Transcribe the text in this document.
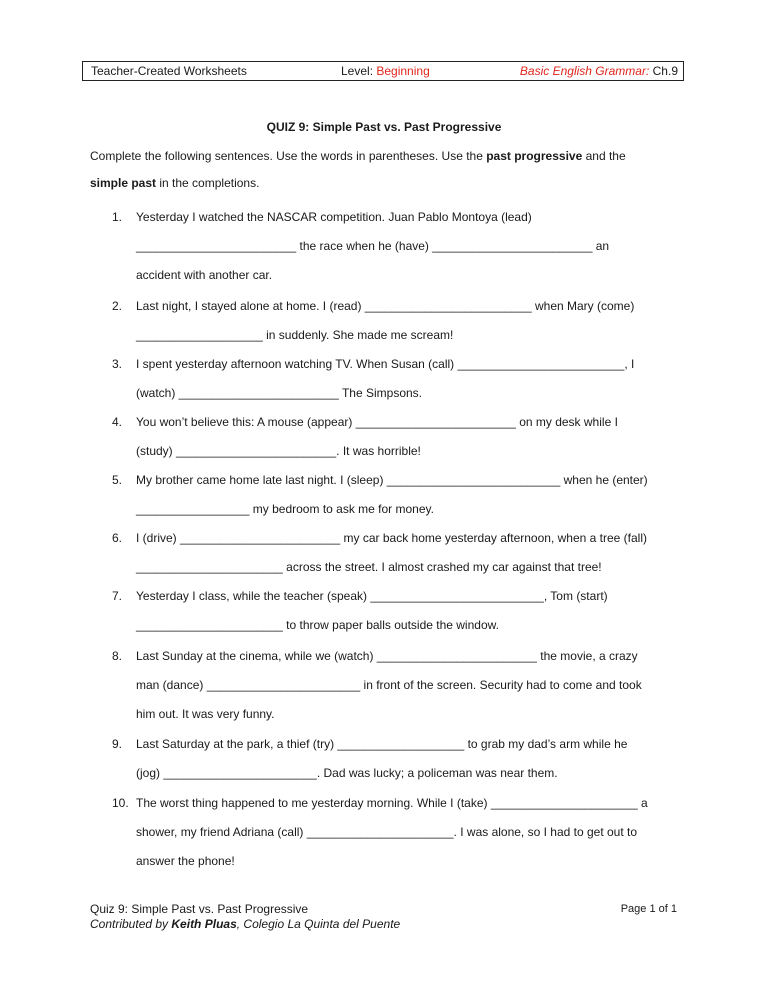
Teacher-Created Worksheets	Level: Beginning	Basic English Grammar: Ch.9
QUIZ 9: Simple Past vs. Past Progressive
Complete the following sentences. Use the words in parentheses. Use the past progressive and the
simple past in the completions.
1.	Yesterday I watched the NASCAR competition. Juan Pablo Montoya (lead)
________________________ the race when he (have) ________________________ an
accident with another car.
2.	Last night, I stayed alone at home. I (read) _________________________ when Mary (come)
___________________ in suddenly. She made me scream!
3.	I spent yesterday afternoon watching TV. When Susan (call) _________________________, I
(watch) ________________________ The Simpsons.
4.	You won’t believe this: A mouse (appear) ________________________ on my desk while I
(study) ________________________. It was horrible!
5.	My brother came home late last night. I (sleep) __________________________ when he (enter)
_________________ my bedroom to ask me for money.
6.	I (drive) ________________________ my car back home yesterday afternoon, when a tree (fall)
______________________ across the street. I almost crashed my car against that tree!
7.	Yesterday I class, while the teacher (speak) __________________________, Tom (start)
______________________ to throw paper balls outside the window.
8.	Last Sunday at the cinema, while we (watch) ________________________ the movie, a crazy
man (dance) _______________________ in front of the screen. Security had to come and took
him out. It was very funny.
9.	Last Saturday at the park, a thief (try) ___________________ to grab my dad’s arm while he
(jog) _______________________. Dad was lucky; a policeman was near them.
10. The worst thing happened to me yesterday morning. While I (take) ______________________ a
shower, my friend Adriana (call) ______________________. I was alone, so I had to get out to
answer the phone!
Quiz 9: Simple Past vs. Past Progressive
Contributed by Keith Pluas, Colegio La Quinta del Puente
Page 1 of 1
